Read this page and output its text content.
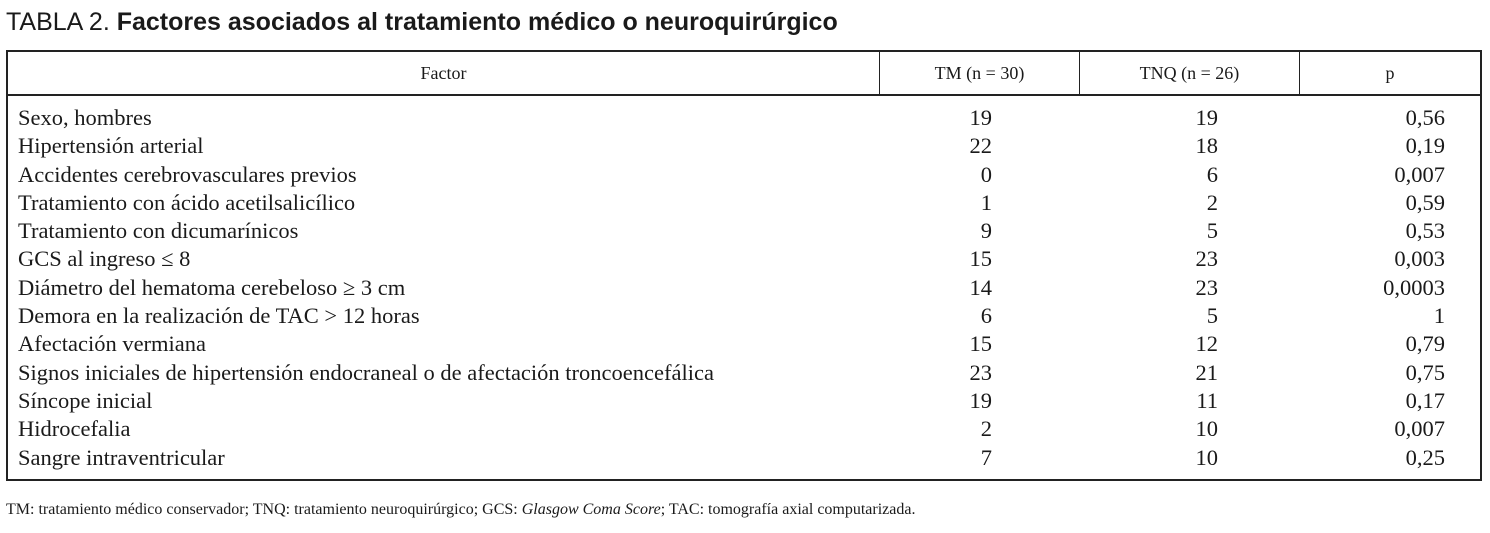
TABLA 2. Factores asociados al tratamiento médico o neuroquirúrgico
Factor	TM (n = 30)	TNQ (n = 26)	p
Sexo, hombres	19	19	0,56
Hipertensión arterial	22	18	0,19
Accidentes cerebrovasculares previos	0	6	0,007
Tratamiento con ácido acetilsalicílico	1	2	0,59
Tratamiento con dicumarínicos	9	5	0,53
GCS al ingreso ≤ 8	15	23	0,003
Diámetro del hematoma cerebeloso ≥ 3 cm	14	23	0,0003
Demora en la realización de TAC > 12 horas	6	5	1
Afectación vermiana	15	12	0,79
Signos iniciales de hipertensión endocraneal o de afectación troncoencefálica	23	21	0,75
Síncope inicial	19	11	0,17
Hidrocefalia	2	10	0,007
Sangre intraventricular	7	10	0,25
TM: tratamiento médico conservador; TNQ: tratamiento neuroquirúrgico; GCS: Glasgow Coma Score; TAC: tomografía axial computarizada.
